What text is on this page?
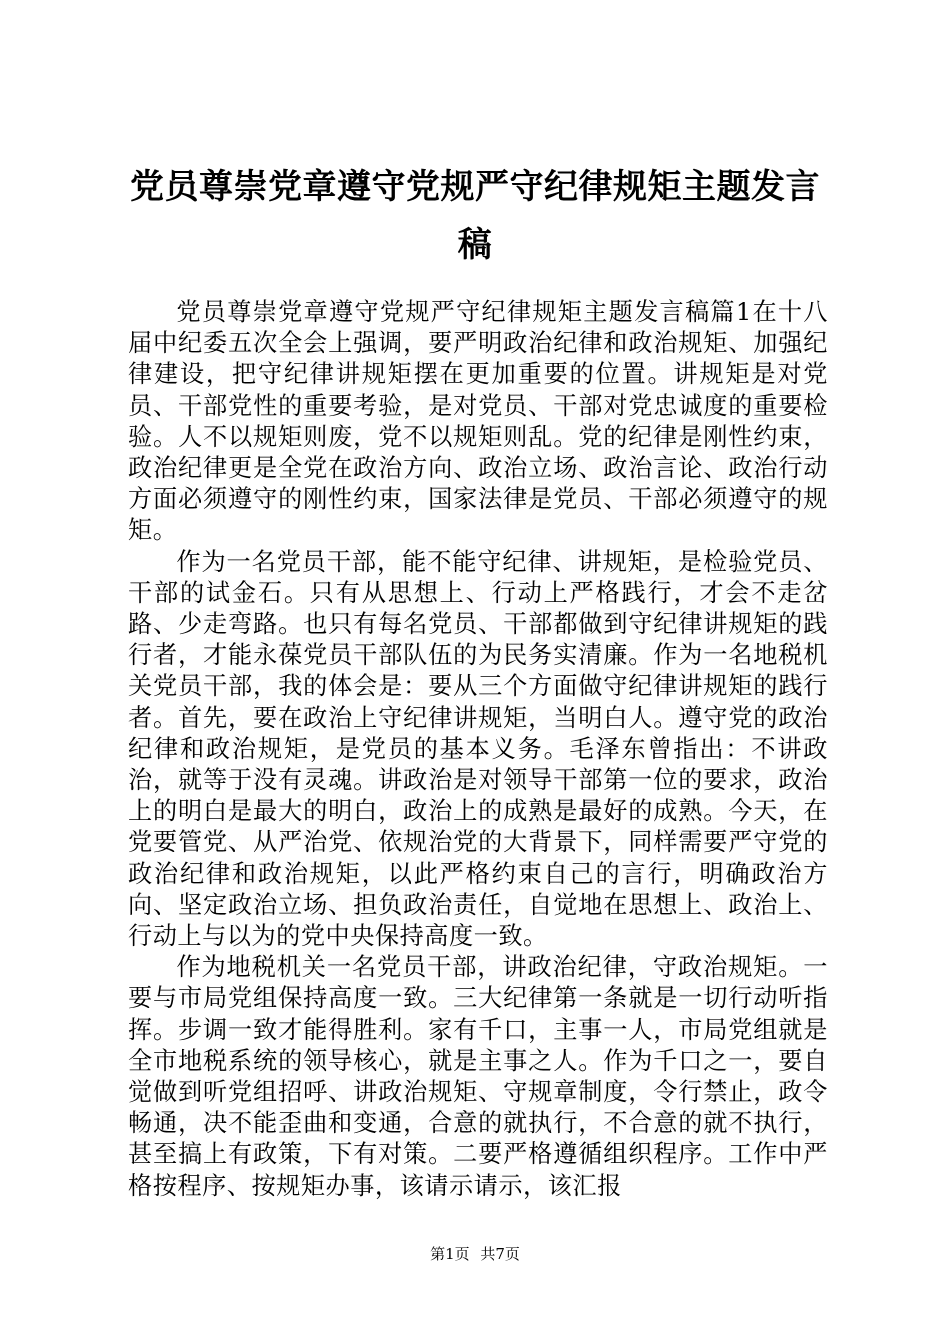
党员尊崇党章遵守党规严守纪律规矩主题发言稿

党员尊崇党章遵守党规严守纪律规矩主题发言稿篇1在十八届中纪委五次全会上强调，要严明政治纪律和政治规矩、加强纪律建设，把守纪律讲规矩摆在更加重要的位置。讲规矩是对党员、干部党性的重要考验，是对党员、干部对党忠诚度的重要检验。人不以规矩则废，党不以规矩则乱。党的纪律是刚性约束，政治纪律更是全党在政治方向、政治立场、政治言论、政治行动方面必须遵守的刚性约束，国家法律是党员、干部必须遵守的规矩。

作为一名党员干部，能不能守纪律、讲规矩，是检验党员、干部的试金石。只有从思想上、行动上严格践行，才会不走岔路、少走弯路。也只有每名党员、干部都做到守纪律讲规矩的践行者，才能永葆党员干部队伍的为民务实清廉。作为一名地税机关党员干部，我的体会是：要从三个方面做守纪律讲规矩的践行者。首先，要在政治上守纪律讲规矩，当明白人。遵守党的政治纪律和政治规矩，是党员的基本义务。毛泽东曾指出：不讲政治，就等于没有灵魂。讲政治是对领导干部第一位的要求，政治上的明白是最大的明白，政治上的成熟是最好的成熟。今天，在党要管党、从严治党、依规治党的大背景下，同样需要严守党的政治纪律和政治规矩，以此严格约束自己的言行，明确政治方向、坚定政治立场、担负政治责任，自觉地在思想上、政治上、行动上与以为的党中央保持高度一致。

作为地税机关一名党员干部，讲政治纪律，守政治规矩。一要与市局党组保持高度一致。三大纪律第一条就是一切行动听指挥。步调一致才能得胜利。家有千口，主事一人，市局党组就是全市地税系统的领导核心，就是主事之人。作为千口之一，要自觉做到听党组招呼、讲政治规矩、守规章制度，令行禁止，政令畅通，决不能歪曲和变通，合意的就执行，不合意的就不执行，甚至搞上有政策，下有对策。二要严格遵循组织程序。工作中严格按程序、按规矩办事，该请示请示，该汇报

第1页 共7页
